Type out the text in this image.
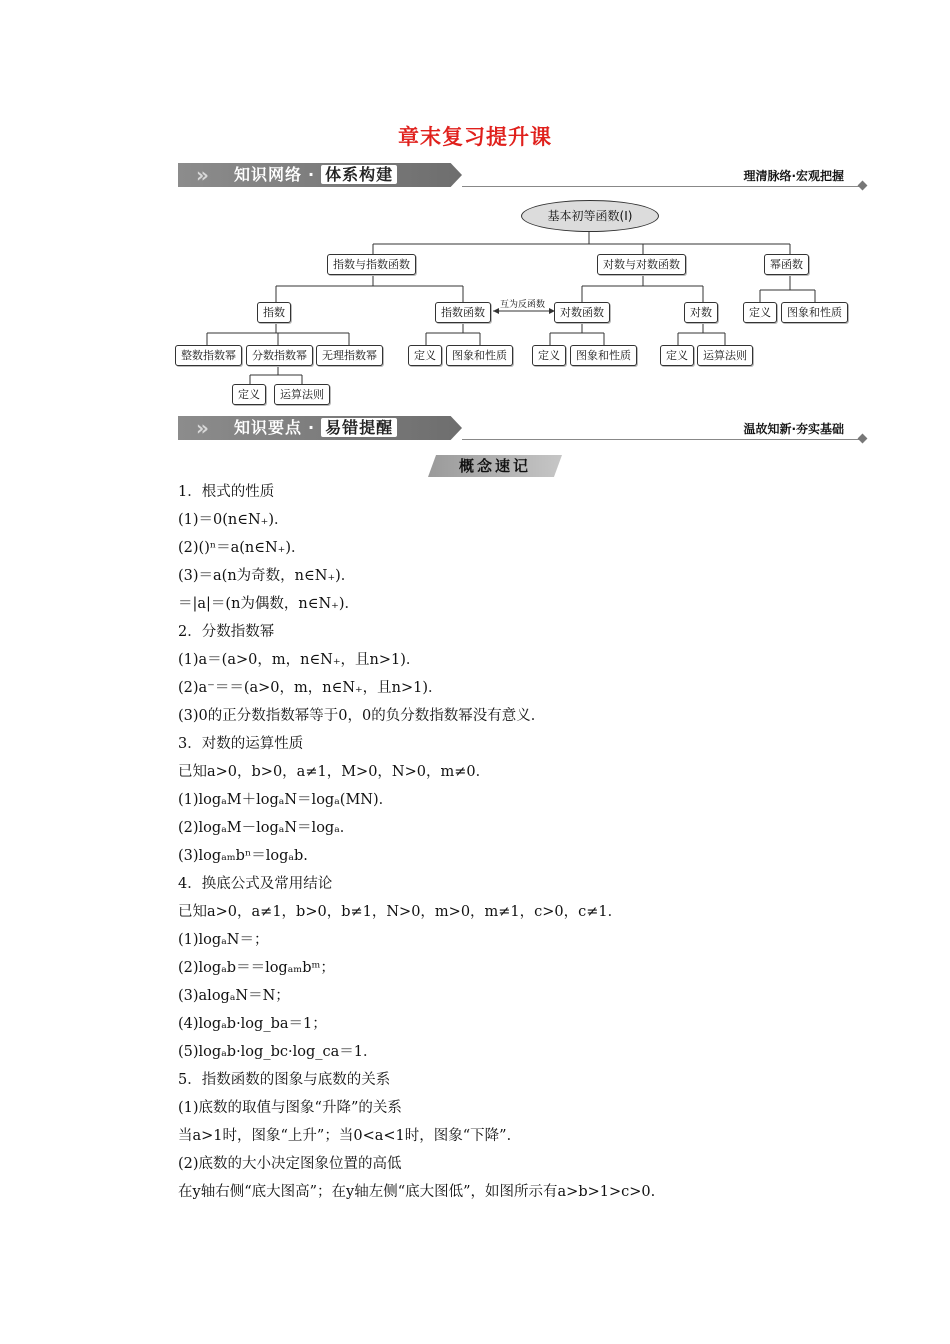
章末复习提升课
» 知识网络 · 体系构建	理清脉络·宏观把握
基本初等函数(Ⅰ)
指数与指数函数	对数与对数函数	幂函数
指数	指数函数
互为反函数
对数函数	对数	定义	图象和性质
整数指数幂	分数指数幂	无理指数幂	定义	图象和性质	定义	图象和性质	定义	运算法则
定义	运算法则
» 知识要点 · 易错提醒	温故知新·夯实基础
概念速记
1．根式的性质
(1)＝0(n∈N₊)．
(2)()ⁿ＝a(n∈N₊)．
(3)＝a(n为奇数，n∈N₊)．
＝|a|＝(n为偶数，n∈N₊)．
2．分数指数幂
(1)a＝(a>0，m，n∈N₊，且n>1)．
(2)a⁻＝＝(a>0，m，n∈N₊，且n>1)．
(3)0的正分数指数幂等于0，0的负分数指数幂没有意义．
3．对数的运算性质
已知a>0，b>0，a≠1，M>0，N>0，m≠0．
(1)logₐM＋logₐN＝logₐ(MN)．
(2)logₐM－logₐN＝logₐ．
(3)logₐₘbⁿ＝logₐb.
4．换底公式及常用结论
已知a>0，a≠1，b>0，b≠1，N>0，m>0，m≠1，c>0，c≠1．
(1)logₐN＝；
(2)logₐb＝＝logₐₘbᵐ；
(3)alogₐN＝N；
(4)logₐb·log_ba＝1；
(5)logₐb·log_bc·log_ca＝1．
5．指数函数的图象与底数的关系
(1)底数的取值与图象“升降”的关系
当a>1时，图象“上升”；当0<a<1时，图象“下降”．
(2)底数的大小决定图象位置的高低
在y轴右侧“底大图高”；在y轴左侧“底大图低”，如图所示有a>b>1>c>0.
